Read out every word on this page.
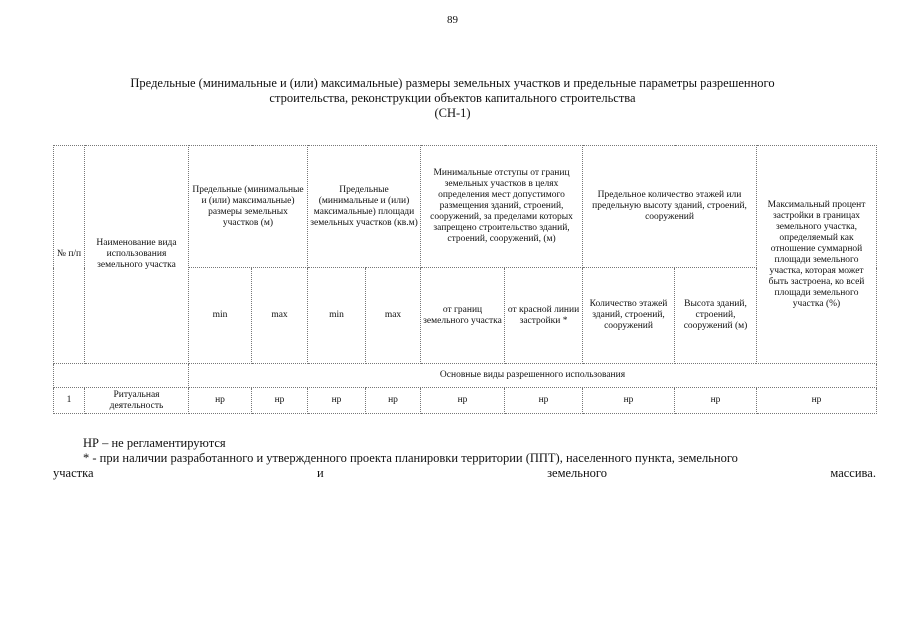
89
Предельные (минимальные и (или) максимальные) размеры земельных участков и предельные параметры разрешенного
строительства, реконструкции объектов капитального строительства
(СН-1)
№ п/п	Наименование вида использования земельного участка	Предельные (минимальные и (или) максимальные) размеры земельных участков (м)		Предельные (минимальные и (или) максимальные) площади земельных участков (кв.м)		Минимальные отступы от границ земельных участков в целях определения мест допустимого размещения зданий, строений, сооружений, за пределами которых запрещено строительство зданий, строений, сооружений, (м)		Предельное количество этажей или предельную высоту зданий, строений, сооружений		Максимальный процент застройки в границах земельного участка, определяемый как отношение суммарной площади земельного участка, которая может быть застроена, ко всей площади земельного участка (%)
		min	max	min	max	от границ земельного участка	от красной линии застройки *	Количество этажей зданий, строений, сооружений	Высота зданий, строений, сооружений (м)	
		Основные виды разрешенного использования								
1	Ритуальная деятельность	нр	нр	нр	нр	нр	нр	нр	нр	нр
НР – не регламентируются
* - при наличии разработанного и утвержденного проекта планировки территории (ППТ), населенного пункта, земельного
участка	и	земельного	массива.
